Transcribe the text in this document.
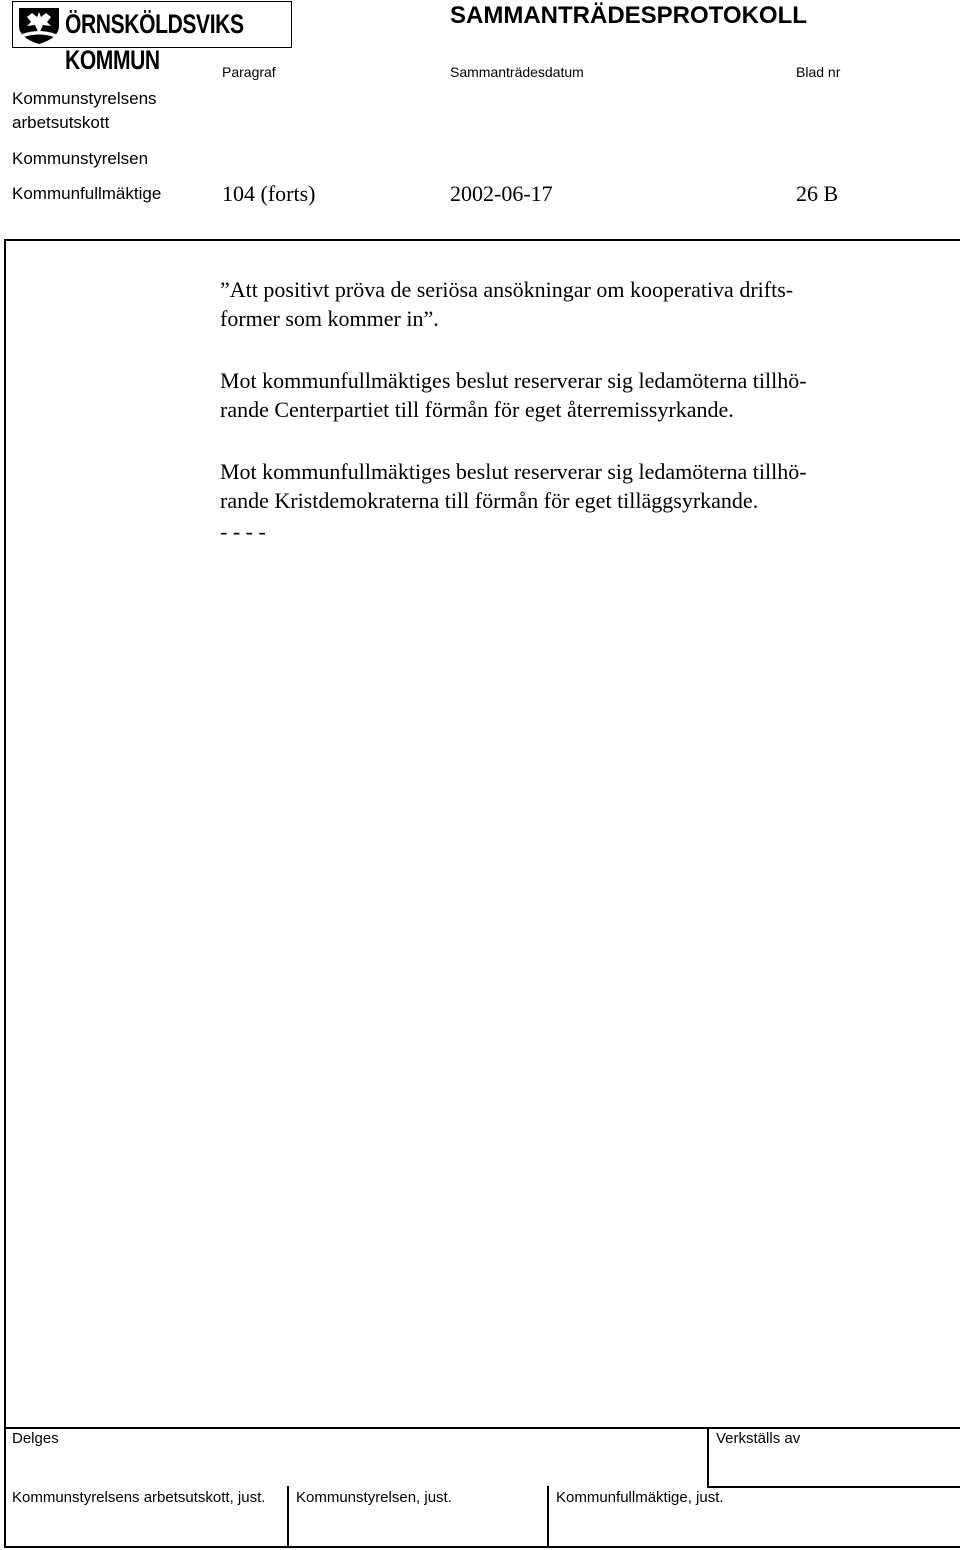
ÖRNSKÖLDSVIKS KOMMUN
SAMMANTRÄDESPROTOKOLL
Paragraf	Sammanträdesdatum	Blad nr
Kommunstyrelsens
arbetsutskott
Kommunstyrelsen
Kommunfullmäktige	104 (forts)	2002-06-17	26 B
”Att positivt pröva de seriösa ansökningar om kooperativa drifts-
former som kommer in”.
Mot kommunfullmäktiges beslut reserverar sig ledamöterna tillhö-
rande Centerpartiet till förmån för eget återremissyrkande.
Mot kommunfullmäktiges beslut reserverar sig ledamöterna tillhö-
rande Kristdemokraterna till förmån för eget tilläggsyrkande.
- - - -
Delges	Verkställs av
Kommunstyrelsens arbetsutskott, just. Kommunstyrelsen, just.	Kommunfullmäktige, just.
